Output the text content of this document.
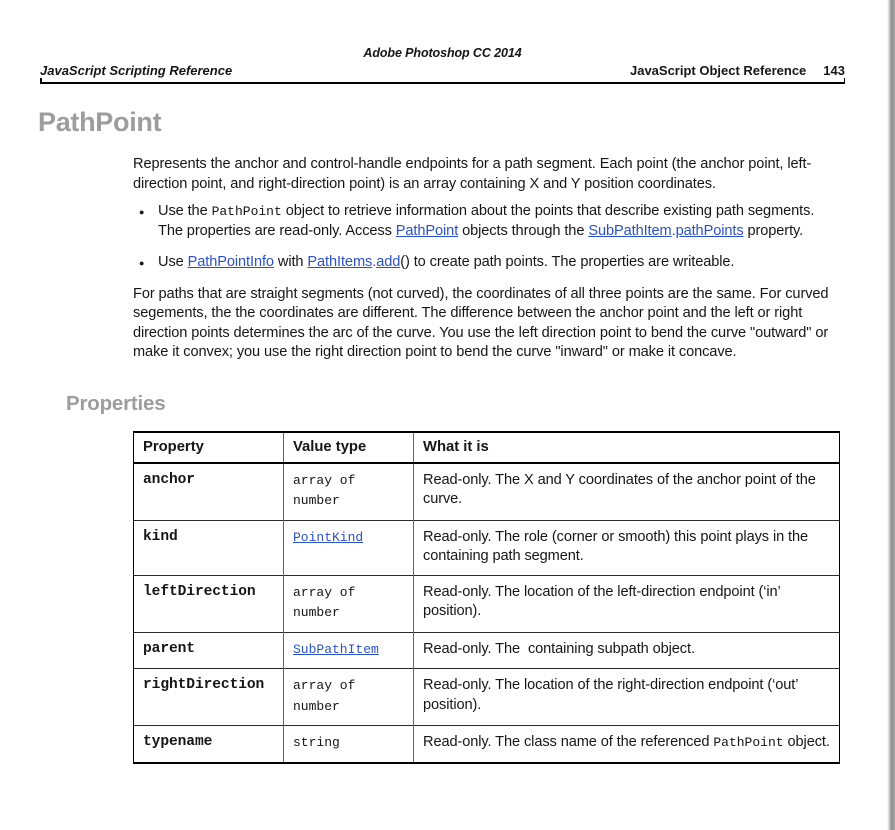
Adobe Photoshop CC 2014
JavaScript Scripting Reference	JavaScript Object Reference 143
PathPoint

Represents the anchor and control-handle endpoints for a path segment. Each point (the anchor point, left-direction point, and right-direction point) is an array containing X and Y position coordinates.

● Use the PathPoint object to retrieve information about the points that describe existing path segments. The properties are read-only. Access PathPoint objects through the SubPathItem.pathPoints property.
● Use PathPointInfo with PathItems.add() to create path points. The properties are writeable.

For paths that are straight segments (not curved), the coordinates of all three points are the same. For curved segements, the the coordinates are different. The difference between the anchor point and the left or right direction points determines the arc of the curve. You use the left direction point to bend the curve "outward" or make it convex; you use the right direction point to bend the curve "inward" or make it concave.

Properties
Property	Value type	What it is
anchor	array of number	Read-only. The X and Y coordinates of the anchor point of the curve.
kind	PointKind	Read-only. The role (corner or smooth) this point plays in the containing path segment.
leftDirection	array of number	Read-only. The location of the left-direction endpoint (‘in’ position).
parent	SubPathItem	Read-only. The  containing subpath object.
rightDirection	array of number	Read-only. The location of the right-direction endpoint (‘out’ position).
typename	string	Read-only. The class name of the referenced PathPoint object.
